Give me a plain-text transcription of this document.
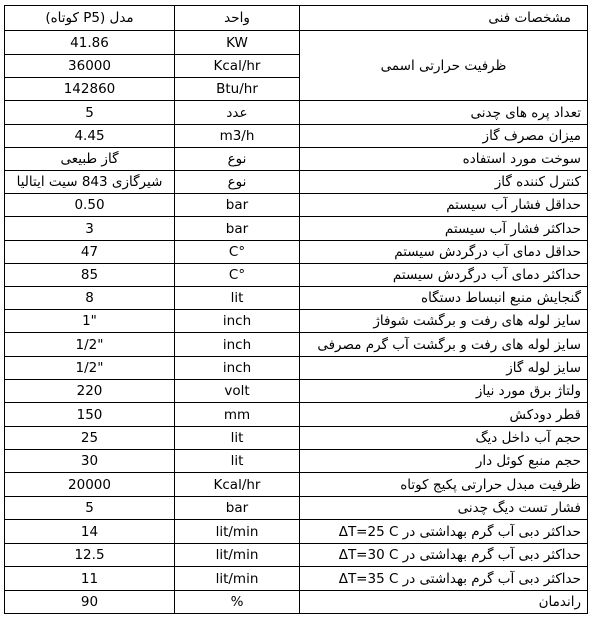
مدل (P5 کوتاه)	واحد	مشخصات فنی
41.86	KW	ظرفیت حرارتی اسمی
36000	Kcal/hr	
142860	Btu/hr	
5	عدد	تعداد پره های چدنی
4.45	m3/h	میزان مصرف گاز
گاز طبیعی	نوع	سوخت مورد استفاده
شیرگازی 843 سیت ایتالیا	نوع	کنترل کننده گاز
0.50	bar	حداقل فشار آب سیستم
3	bar	حداکثر فشار آب سیستم
47	C°	حداقل دمای آب درگردش سیستم
85	C°	حداکثر دمای آب درگردش سیستم
8	lit	گنجایش منبع انبساط دستگاه
1"	inch	سایز لوله های رفت و برگشت شوفاژ
1/2"	inch	سایز لوله های رفت و برگشت آب گرم مصرفی
1/2"	inch	سایز لوله گاز
220	volt	ولتاژ برق مورد نیاز
150	mm	قطر دودکش
25	lit	حجم آب داخل دیگ
30	lit	حجم منبع کوئل دار
20000	Kcal/hr	ظرفیت مبدل حرارتی پکیج کوتاه
5	bar	فشار تست دیگ چدنی
14	lit/min	حداکثر دبی آب گرم بهداشتی در ΔT=25 C
12.5	lit/min	حداکثر دبی آب گرم بهداشتی در ΔT=30 C
11	lit/min	حداکثر دبی آب گرم بهداشتی در ΔT=35 C
90	%	راندمان
